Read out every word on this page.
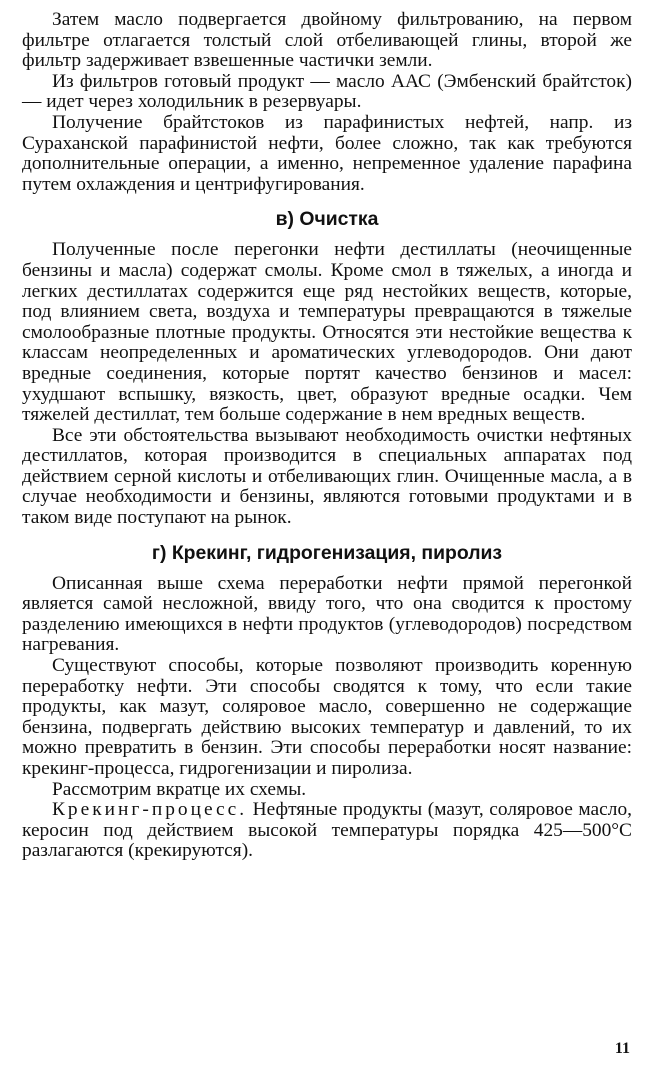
Затем масло подвергается двойному фильтрованию, на первом фильтре отлагается толстый слой отбеливающей глины, второй же фильтр задерживает взвешенные частички земли.

Из фильтров готовый продукт — масло ААС (Эмбенский брайтсток) — идет через холодильник в резервуары.

Получение брайтстоков из парафинистых нефтей, напр. из Сураханской парафинистой нефти, более сложно, так как требуются дополнительные операции, а именно, непременное удаление парафина путем охлаждения и центрифугирования.

в) Очистка

Полученные после перегонки нефти дестиллаты (неочищенные бензины и масла) содержат смолы. Кроме смол в тяжелых, а иногда и легких дестиллатах содержится еще ряд нестойких веществ, которые, под влиянием света, воздуха и температуры превращаются в тяжелые смолообразные плотные продукты. Относятся эти нестойкие вещества к классам неопределенных и ароматических углеводородов. Они дают вредные соединения, которые портят качество бензинов и масел: ухудшают вспышку, вязкость, цвет, образуют вредные осадки. Чем тяжелей дестиллат, тем больше содержание в нем вредных веществ.

Все эти обстоятельства вызывают необходимость очистки нефтяных дестиллатов, которая производится в специальных аппаратах под действием серной кислоты и отбеливающих глин. Очищенные масла, а в случае необходимости и бензины, являются готовыми продуктами и в таком виде поступают на рынок.

г) Крекинг, гидрогенизация, пиролиз

Описанная выше схема переработки нефти прямой перегонкой является самой несложной, ввиду того, что она сводится к простому разделению имеющихся в нефти продуктов (углеводородов) посредством нагревания.

Существуют способы, которые позволяют производить коренную переработку нефти. Эти способы сводятся к тому, что если такие продукты, как мазут, соляровое масло, совершенно не содержащие бензина, подвергать действию высоких температур и давлений, то их можно превратить в бензин. Эти способы переработки носят название: крекинг-процесса, гидрогенизации и пиролиза.

Рассмотрим вкратце их схемы.

Крекинг-процесс. Нефтяные продукты (мазут, соляровое масло, керосин под действием высокой температуры порядка 425—500°С разлагаются (крекируются).

11
